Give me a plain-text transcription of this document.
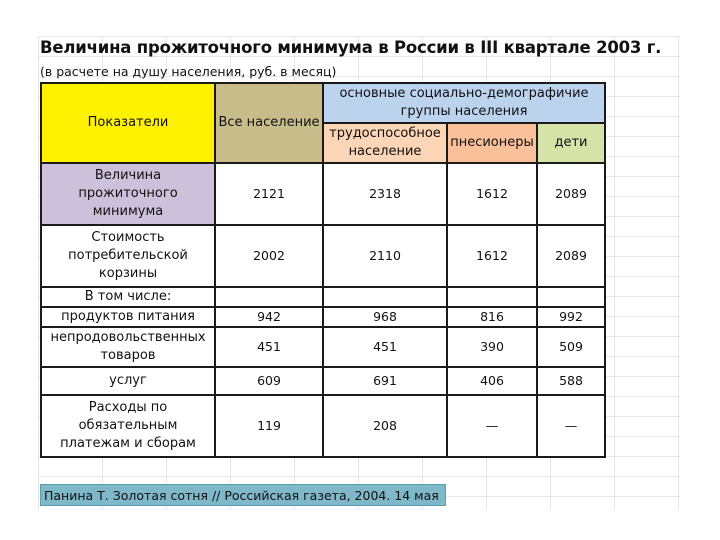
Величина прожиточного минимума в России в III квартале 2003 г.
(в расчете на душу населения, руб. в месяц)
Показатели	Все население	основные социально-демографичие группы населения		
		трудоспособное население	пнесионеры	дети
Величина прожиточного минимума	2121	2318	1612	2089
Стоимость потребительской корзины	2002	2110	1612	2089
В том числе:				
продуктов питания	942	968	816	992
непродовольственных товаров	451	451	390	509
услуг	609	691	406	588
Расходы по обязательным платежам и сборам	119	208	—	—
Панина Т. Золотая сотня // Российская газета, 2004. 14 мая
